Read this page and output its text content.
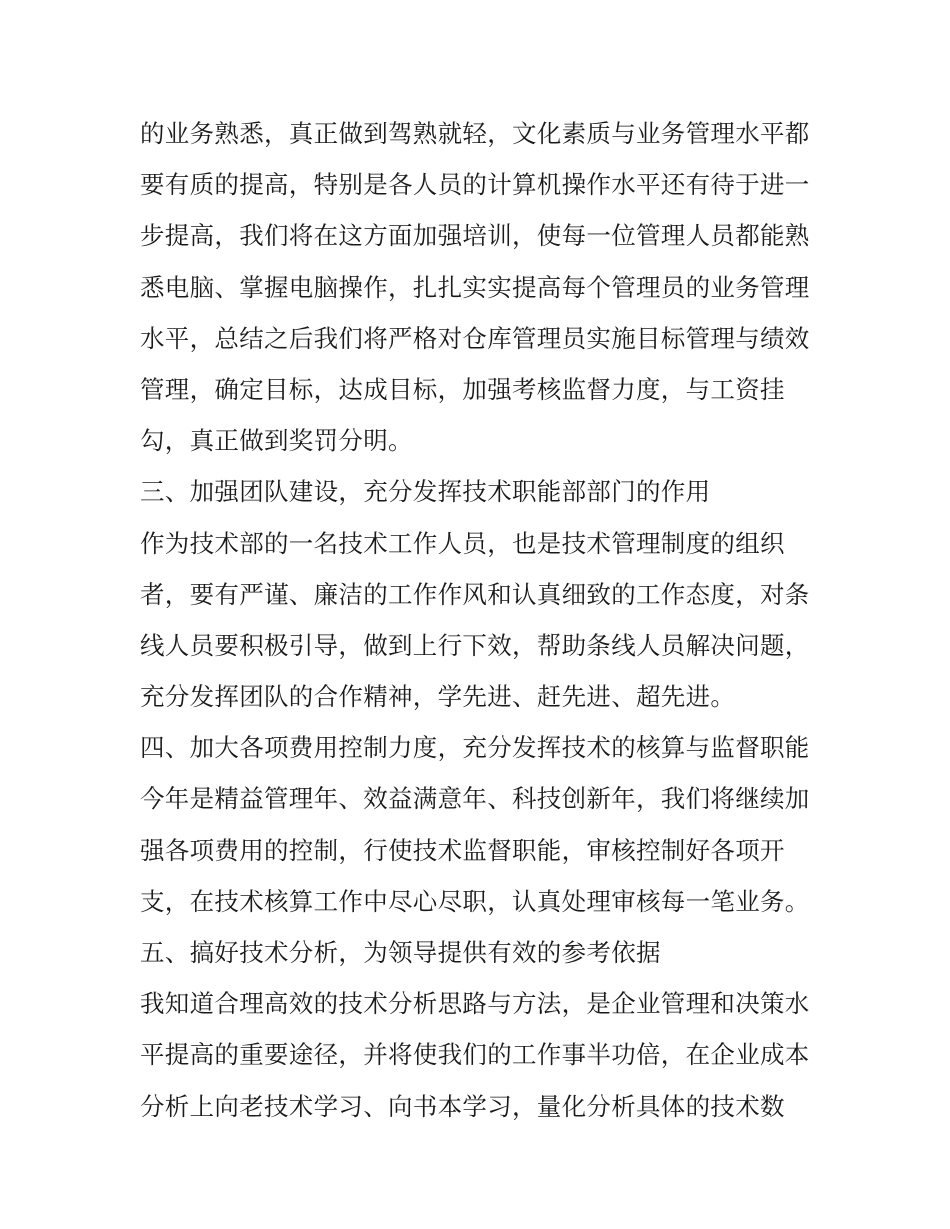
的业务熟悉，真正做到驾熟就轻，文化素质与业务管理水平都
要有质的提高，特别是各人员的计算机操作水平还有待于进一
步提高，我们将在这方面加强培训，使每一位管理人员都能熟
悉电脑、掌握电脑操作，扎扎实实提高每个管理员的业务管理
水平，总结之后我们将严格对仓库管理员实施目标管理与绩效
管理，确定目标，达成目标，加强考核监督力度，与工资挂
勾，真正做到奖罚分明。
三、加强团队建设，充分发挥技术职能部部门的作用
作为技术部的一名技术工作人员，也是技术管理制度的组织
者，要有严谨、廉洁的工作作风和认真细致的工作态度，对条
线人员要积极引导，做到上行下效，帮助条线人员解决问题，
充分发挥团队的合作精神，学先进、赶先进、超先进。
四、加大各项费用控制力度，充分发挥技术的核算与监督职能
今年是精益管理年、效益满意年、科技创新年，我们将继续加
强各项费用的控制，行使技术监督职能，审核控制好各项开
支，在技术核算工作中尽心尽职，认真处理审核每一笔业务。
五、搞好技术分析，为领导提供有效的参考依据
我知道合理高效的技术分析思路与方法，是企业管理和决策水
平提高的重要途径，并将使我们的工作事半功倍，在企业成本
分析上向老技术学习、向书本学习，量化分析具体的技术数
